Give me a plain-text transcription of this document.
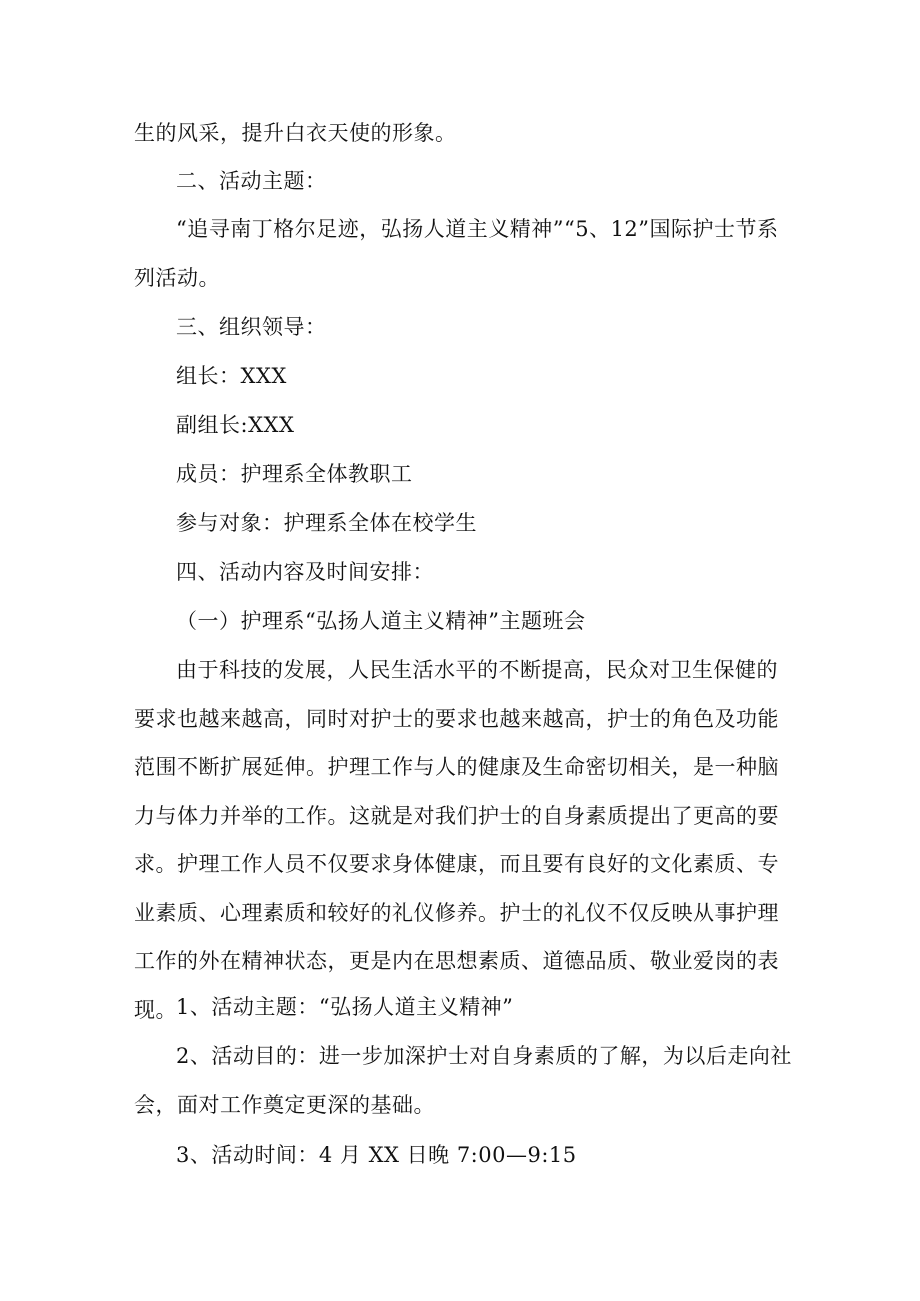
生的风采，提升白衣天使的形象。

二、活动主题：

“追寻南丁格尔足迹，弘扬人道主义精神”“5、12”国际护士节系列活动。

三、组织领导：

组长：XXX

副组长:XXX

成员：护理系全体教职工

参与对象：护理系全体在校学生

四、活动内容及时间安排：

（一）护理系“弘扬人道主义精神”主题班会

由于科技的发展，人民生活水平的不断提高，民众对卫生保健的要求也越来越高，同时对护士的要求也越来越高，护士的角色及功能范围不断扩展延伸。护理工作与人的健康及生命密切相关，是一种脑力与体力并举的工作。这就是对我们护士的自身素质提出了更高的要求。护理工作人员不仅要求身体健康，而且要有良好的文化素质、专业素质、心理素质和较好的礼仪修养。护士的礼仪不仅反映从事护理工作的外在精神状态，更是内在思想素质、道德品质、敬业爱岗的表现。 1、活动主题：“弘扬人道主义精神”

2、活动目的：进一步加深护士对自身素质的了解，为以后走向社会，面对工作奠定更深的基础。

3、活动时间：4 月 XX 日晚 7:00—9:15
